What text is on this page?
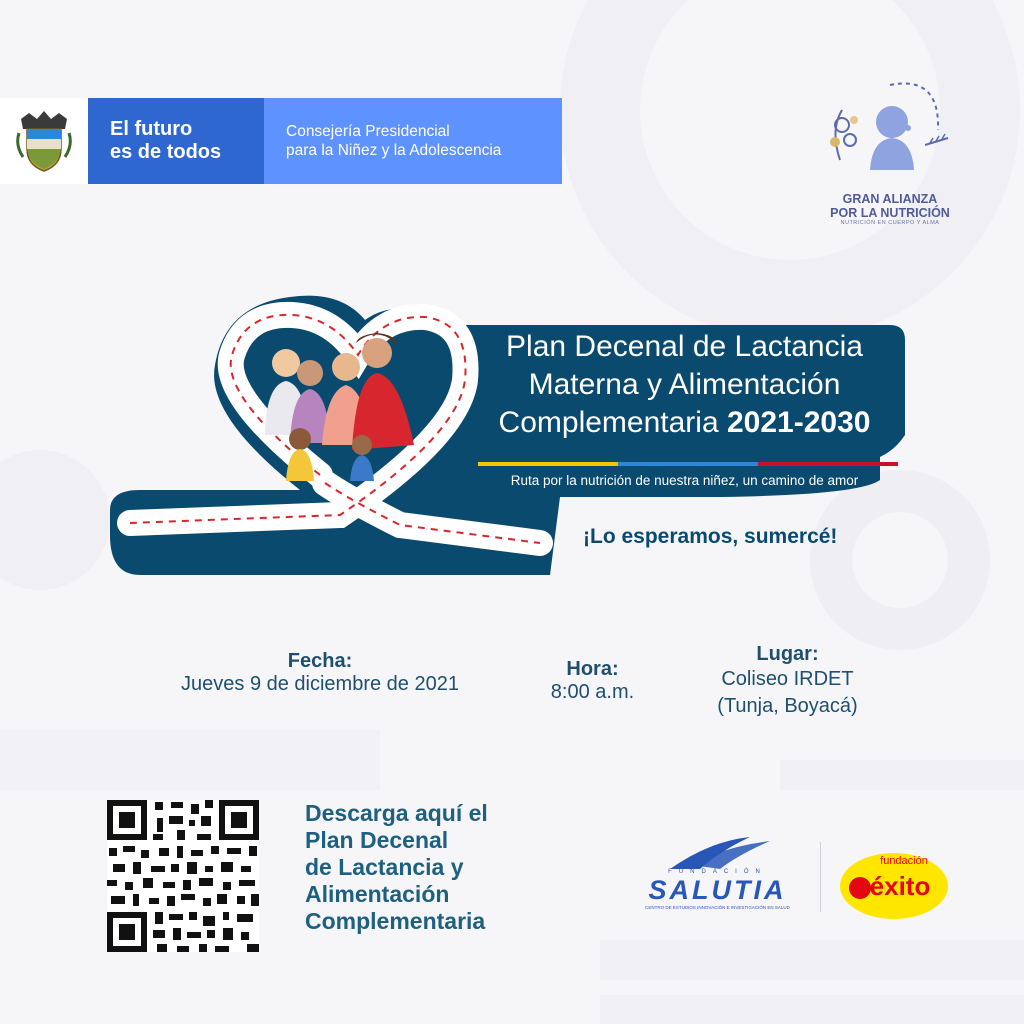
El futuro
es de todos
Consejería Presidencial
para la Niñez y la Adolescencia
GRAN ALIANZA
POR LA NUTRICIÓN
NUTRICIÓN EN CUERPO Y ALMA
Plan Decenal de Lactancia
Materna y Alimentación
Complementaria 2021-2030
Ruta por la nutrición de nuestra niñez, un camino de amor
¡Lo esperamos, sumercé!
Fecha:
Jueves 9 de diciembre de 2021
Hora:
8:00 a.m.
Lugar:
Coliseo IRDET
(Tunja, Boyacá)
Descarga aquí el
Plan Decenal
de Lactancia y
Alimentación
Complementaria
FUNDACIÓN
SALUTIA
CENTRO DE ESTUDIOS INNOVACIÓN E INVESTIGACIÓN EN SALUD
fundación
éxito
